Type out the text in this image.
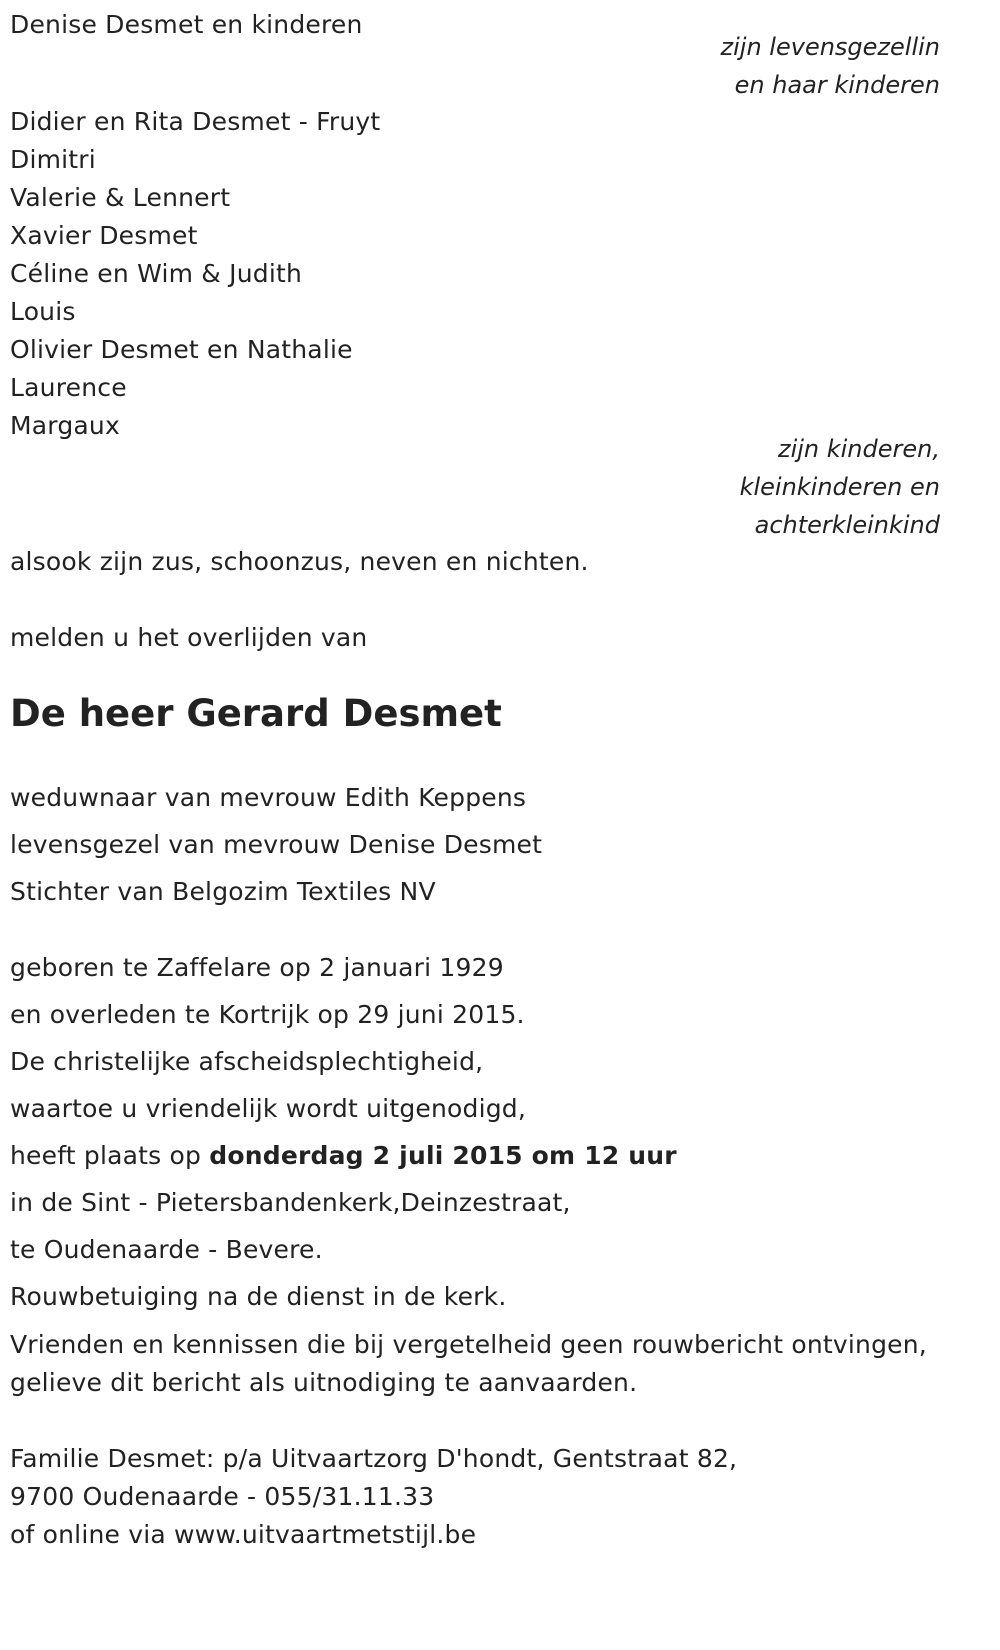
Denise Desmet en kinderen
zijn levensgezellin
en haar kinderen
Didier en Rita Desmet - Fruyt
Dimitri
Valerie & Lennert
Xavier Desmet
Céline en Wim & Judith
Louis
Olivier Desmet en Nathalie
Laurence
Margaux
zijn kinderen,
kleinkinderen en
achterkleinkind
alsook zijn zus, schoonzus, neven en nichten.
melden u het overlijden van
De heer Gerard Desmet
weduwnaar van mevrouw Edith Keppens
levensgezel van mevrouw Denise Desmet
Stichter van Belgozim Textiles NV
geboren te Zaffelare op 2 januari 1929
en overleden te Kortrijk op 29 juni 2015.
De christelijke afscheidsplechtigheid,
waartoe u vriendelijk wordt uitgenodigd,
heeft plaats op donderdag 2 juli 2015 om 12 uur
in de Sint - Pietersbandenkerk,Deinzestraat,
te Oudenaarde - Bevere.
Rouwbetuiging na de dienst in de kerk.
Vrienden en kennissen die bij vergetelheid geen rouwbericht ontvingen,
gelieve dit bericht als uitnodiging te aanvaarden.
Familie Desmet: p/a Uitvaartzorg D'hondt, Gentstraat 82,
9700 Oudenaarde - 055/31.11.33
of online via www.uitvaartmetstijl.be
